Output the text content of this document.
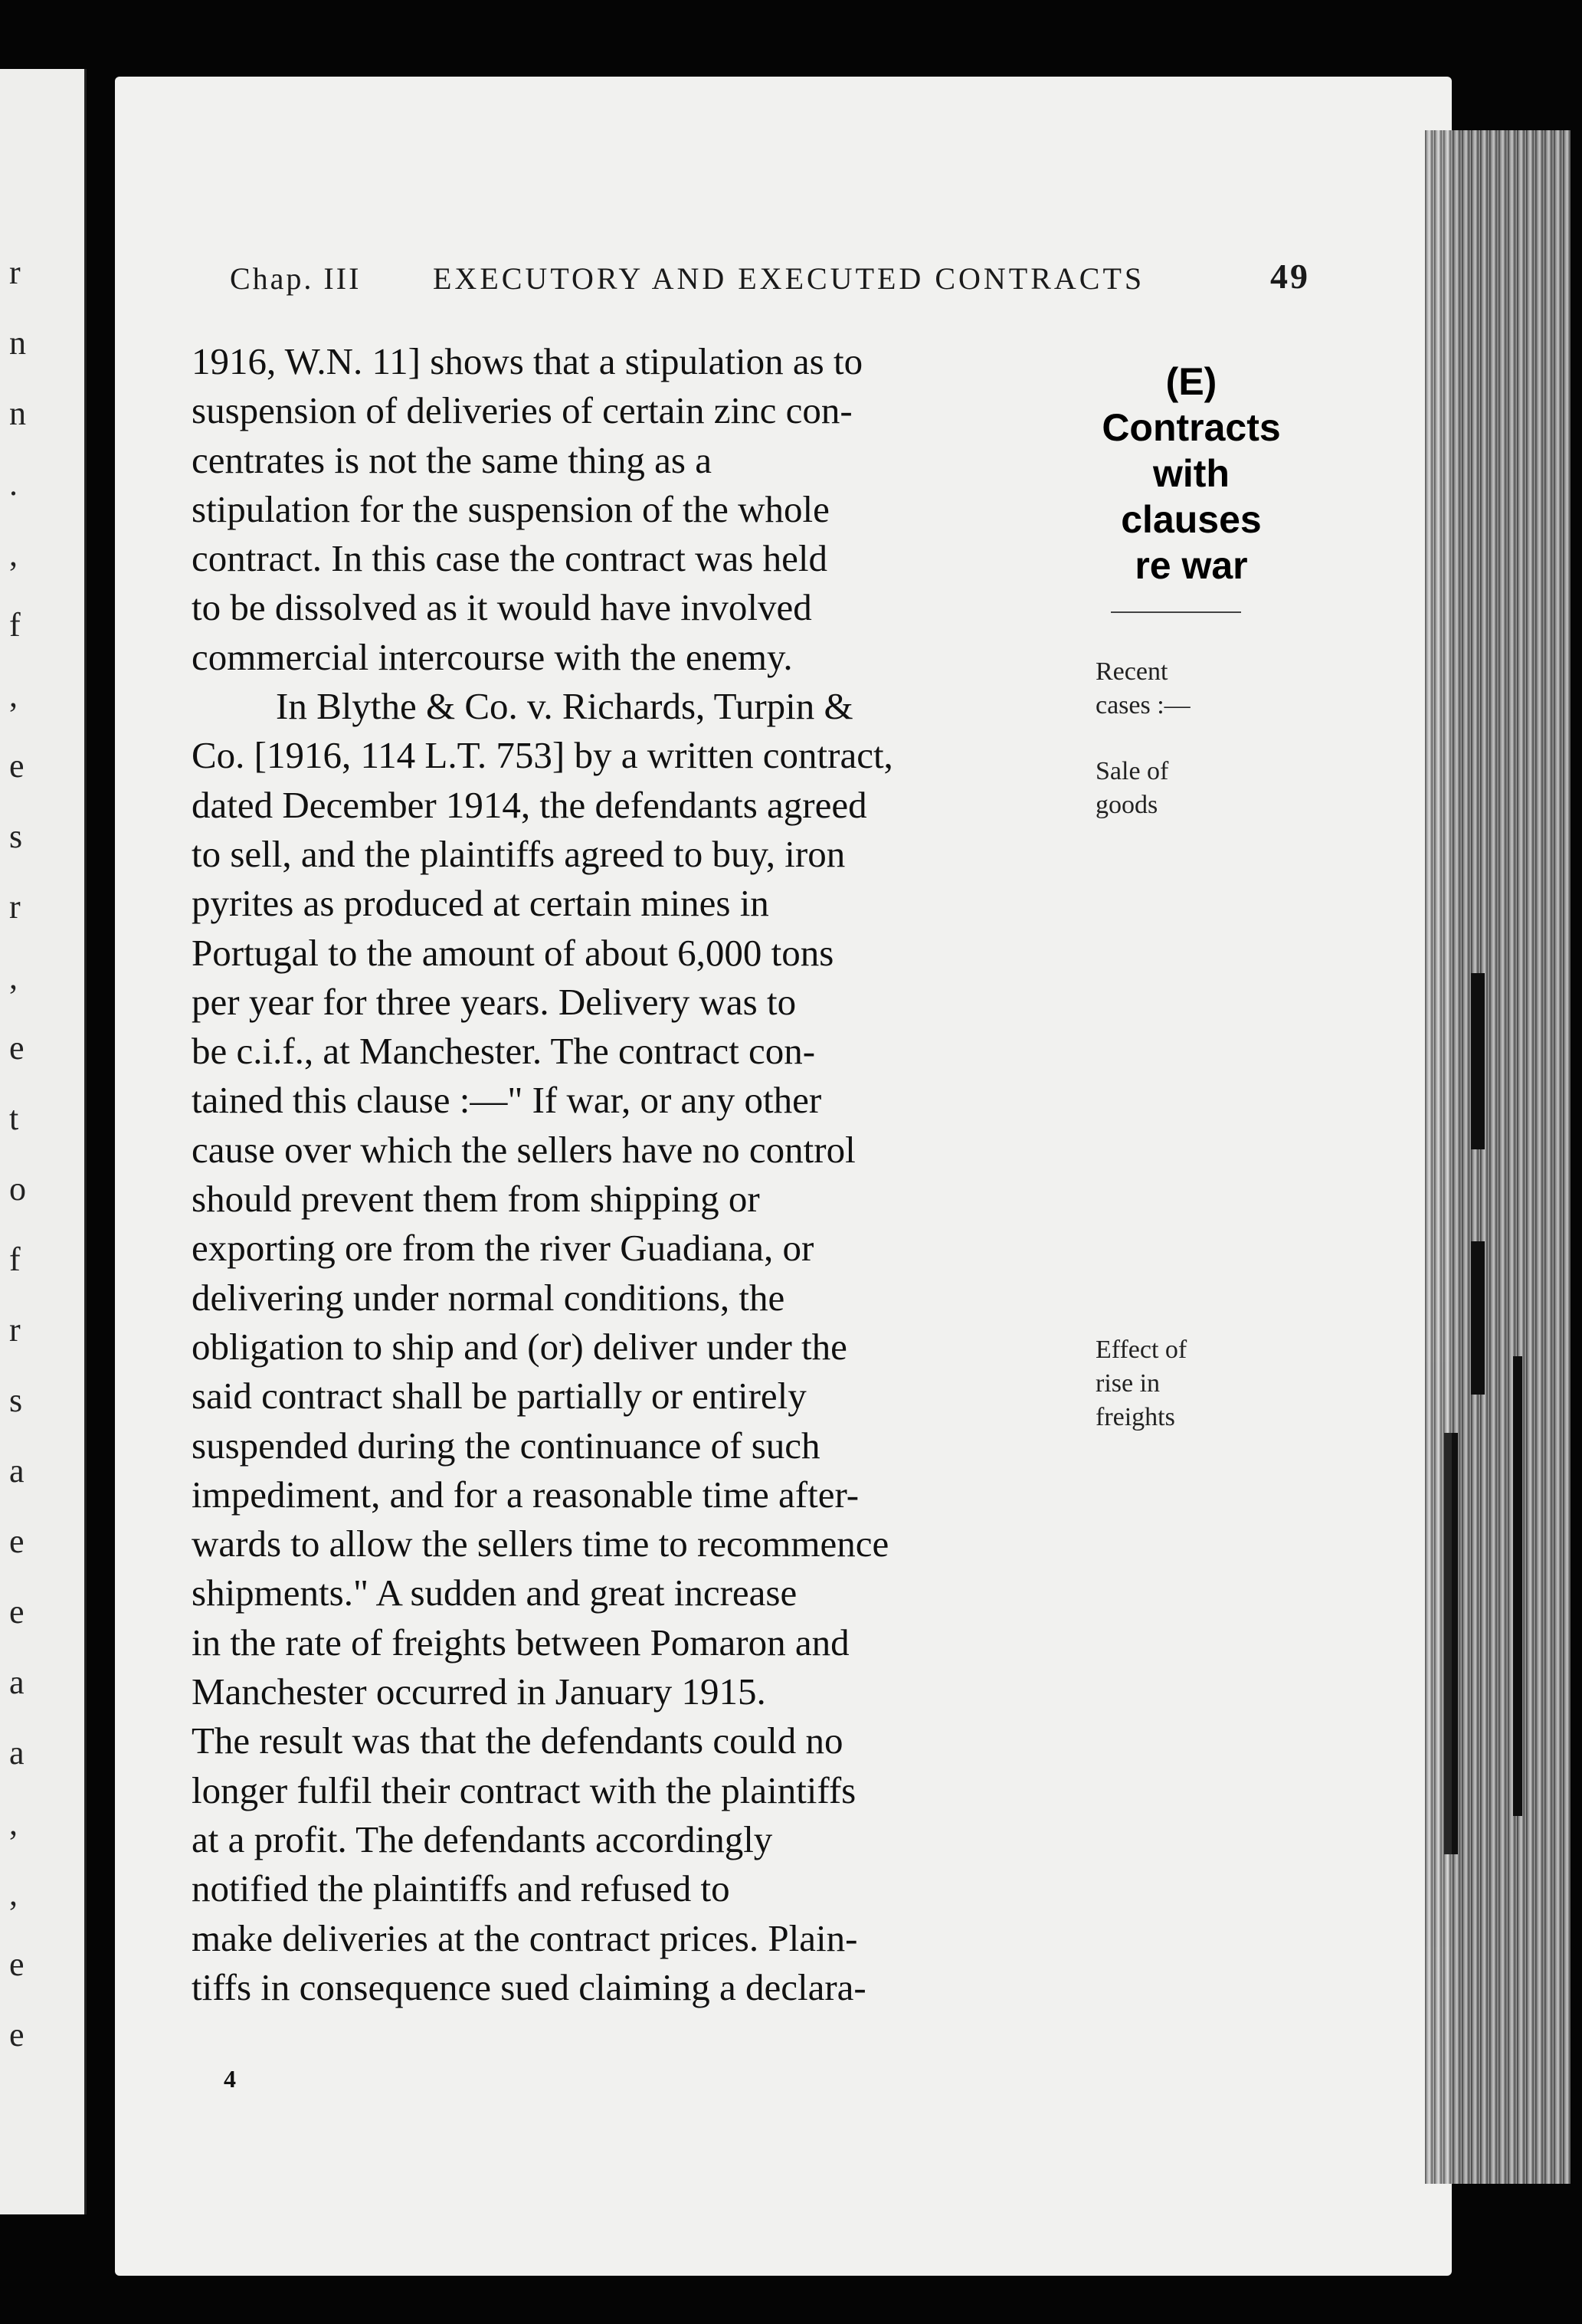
r
n
n
.
,
f
,
e
s
r
,
e
t
o
f
r
s
a
e
e
a
a
,
,
e
e
Chap. III EXECUTORY AND EXECUTED CONTRACTS	49
1916, W.N. 11] shows that a stipulation as to
suspension of deliveries of certain zinc con-
centrates is not the same thing as a
stipulation for the suspension of the whole
contract. In this case the contract was held
to be dissolved as it would have involved
commercial intercourse with the enemy.
In Blythe & Co. v. Richards, Turpin &
Co. [1916, 114 L.T. 753] by a written contract,
dated December 1914, the defendants agreed
to sell, and the plaintiffs agreed to buy, iron
pyrites as produced at certain mines in
Portugal to the amount of about 6,000 tons
per year for three years. Delivery was to
be c.i.f., at Manchester. The contract con-
tained this clause :—" If war, or any other
cause over which the sellers have no control
should prevent them from shipping or
exporting ore from the river Guadiana, or
delivering under normal conditions, the
obligation to ship and (or) deliver under the
said contract shall be partially or entirely
suspended during the continuance of such
impediment, and for a reasonable time after-
wards to allow the sellers time to recommence
shipments." A sudden and great increase
in the rate of freights between Pomaron and
Manchester occurred in January 1915.
The result was that the defendants could no
longer fulfil their contract with the plaintiffs
at a profit. The defendants accordingly
notified the plaintiffs and refused to
make deliveries at the contract prices. Plain-
tiffs in consequence sued claiming a declara-
(E)
Contracts
with
clauses
re war
Recent
cases :—
Sale of
goods
Effect of
rise in
freights
4
